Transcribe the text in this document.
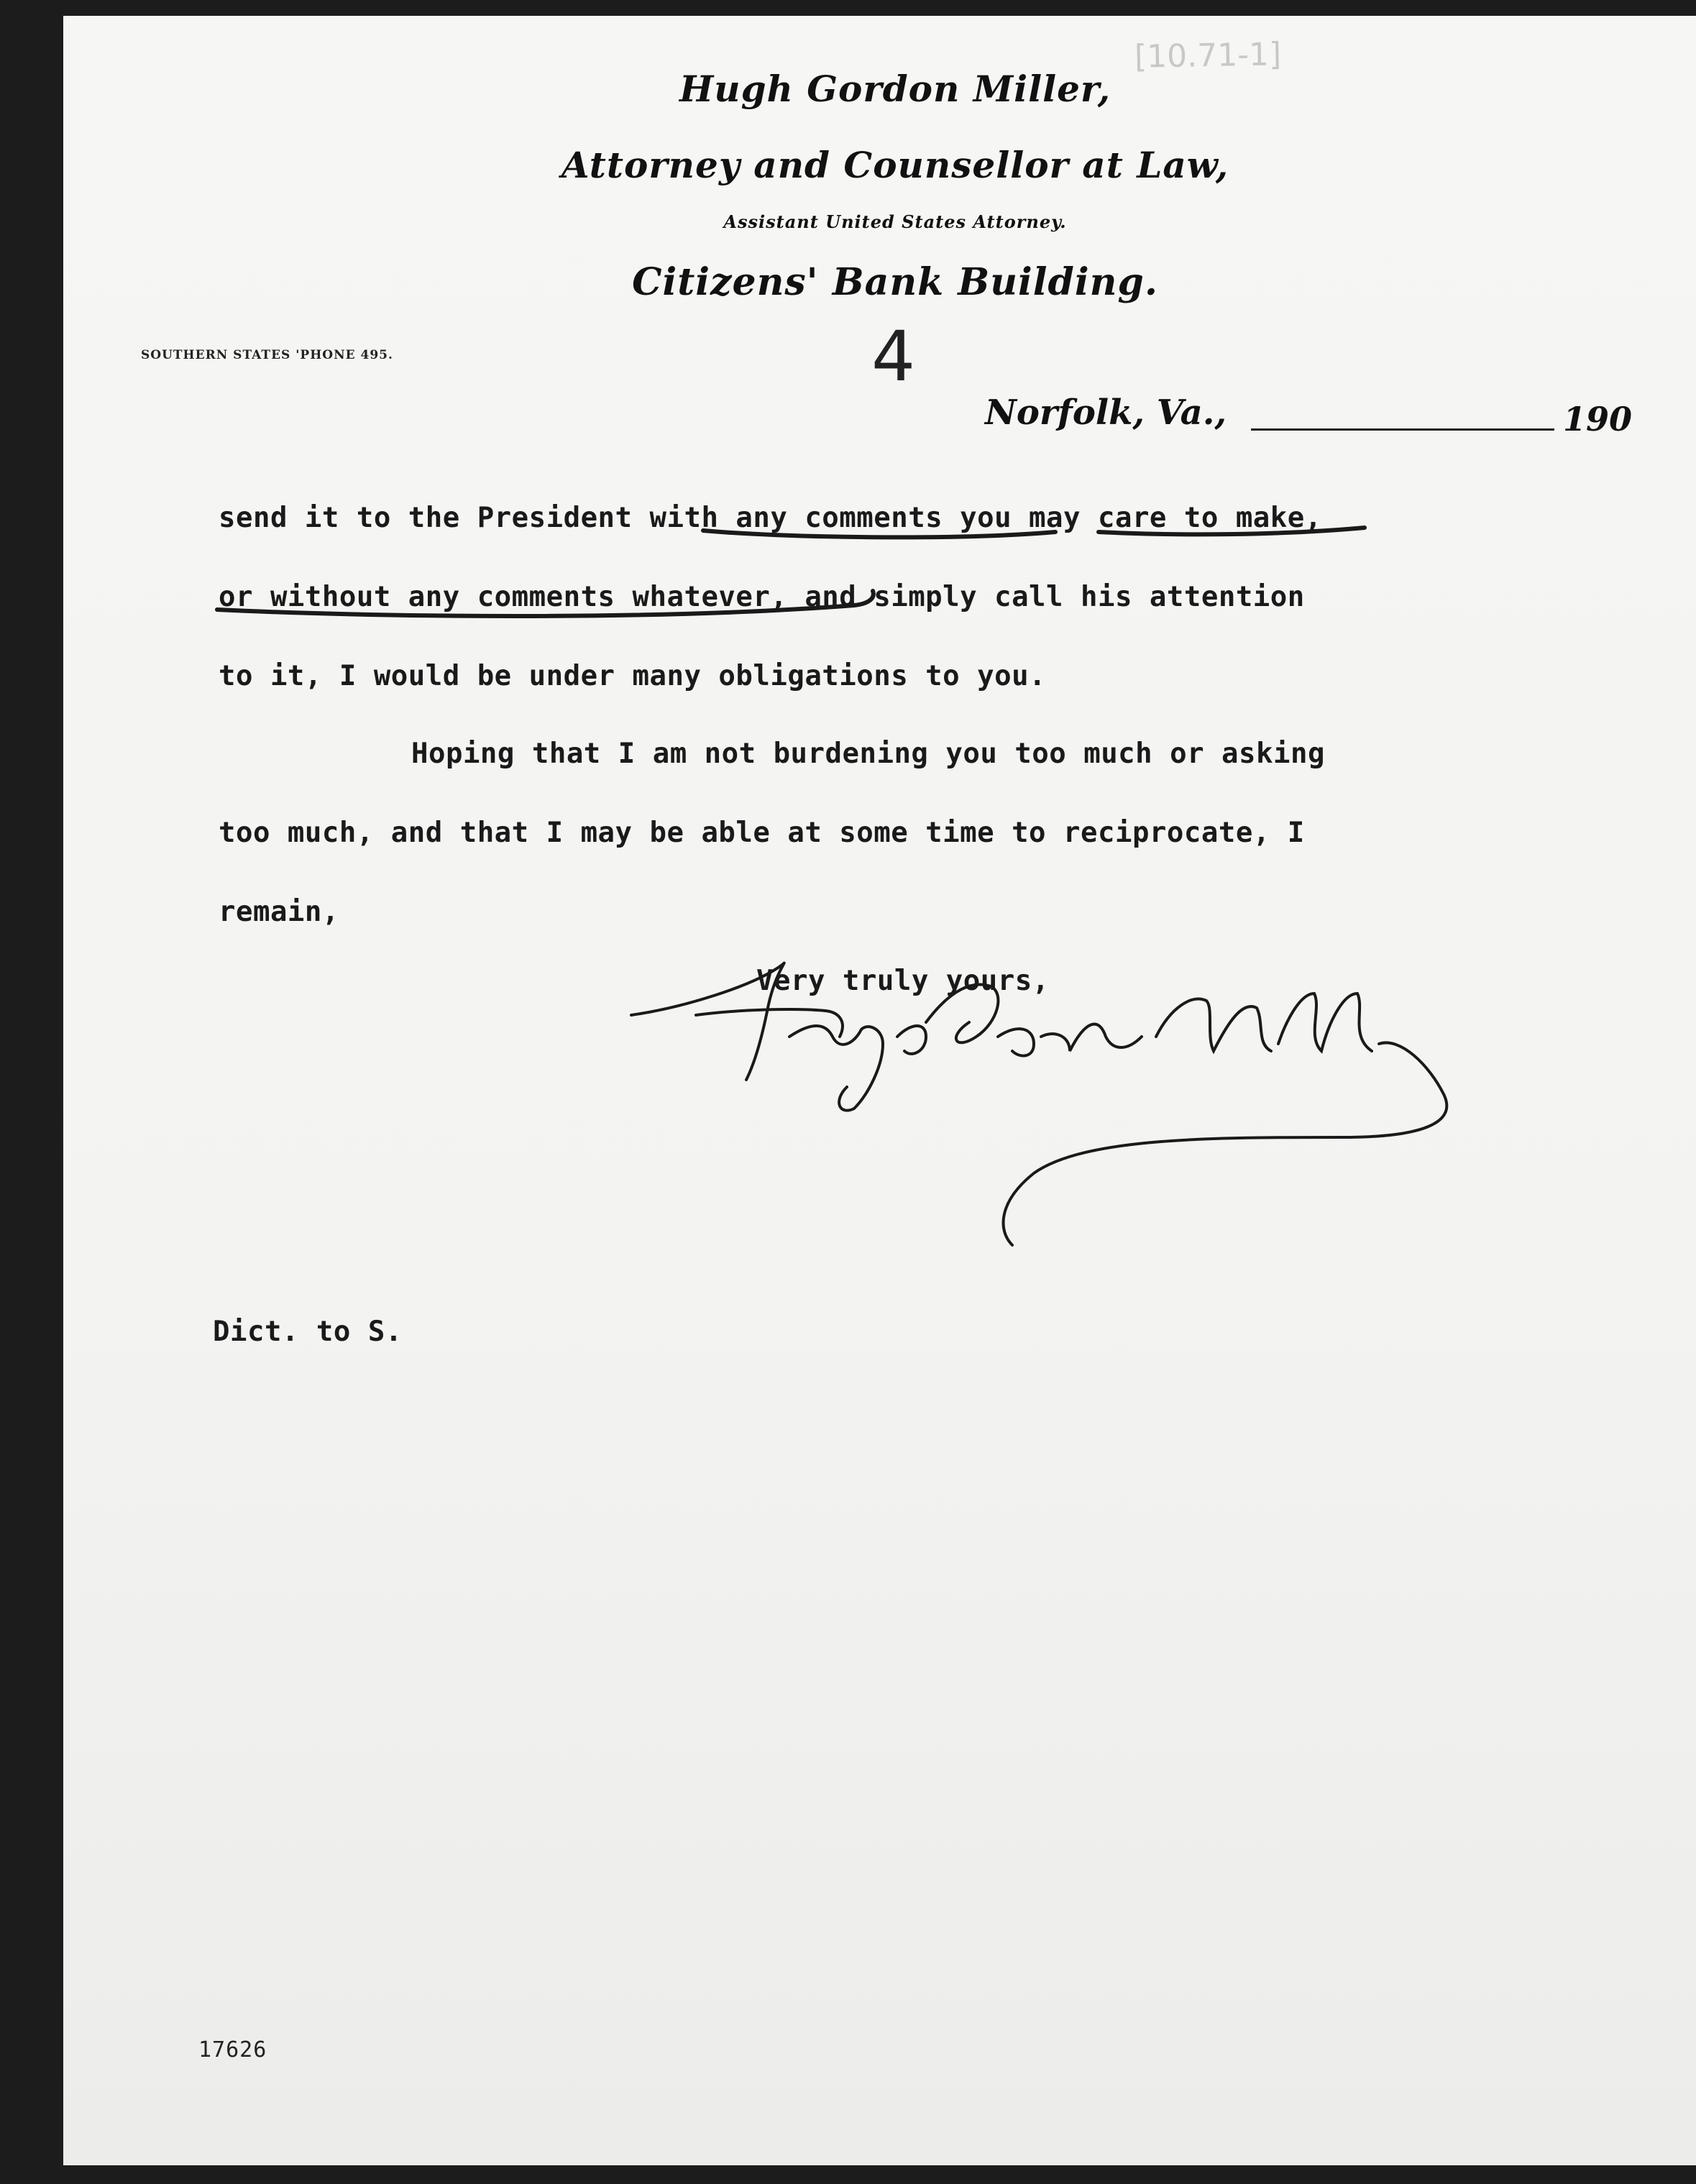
[10.71-1]
Hugh Gordon Miller,
Attorney and Counsellor at Law,
Assistant United States Attorney.
Citizens' Bank Building.
SOUTHERN STATES 'PHONE 495.	4
Norfolk, Va.,	190
send it to the President with any comments you may care to make,
or without any comments whatever, and simply call his attention
to it, I would be under many obligations to you.
Hoping that I am not burdening you too much or asking
too much, and that I may be able at some time to reciprocate, I
remain,
Very truly yours,
Dict. to S.
17626
